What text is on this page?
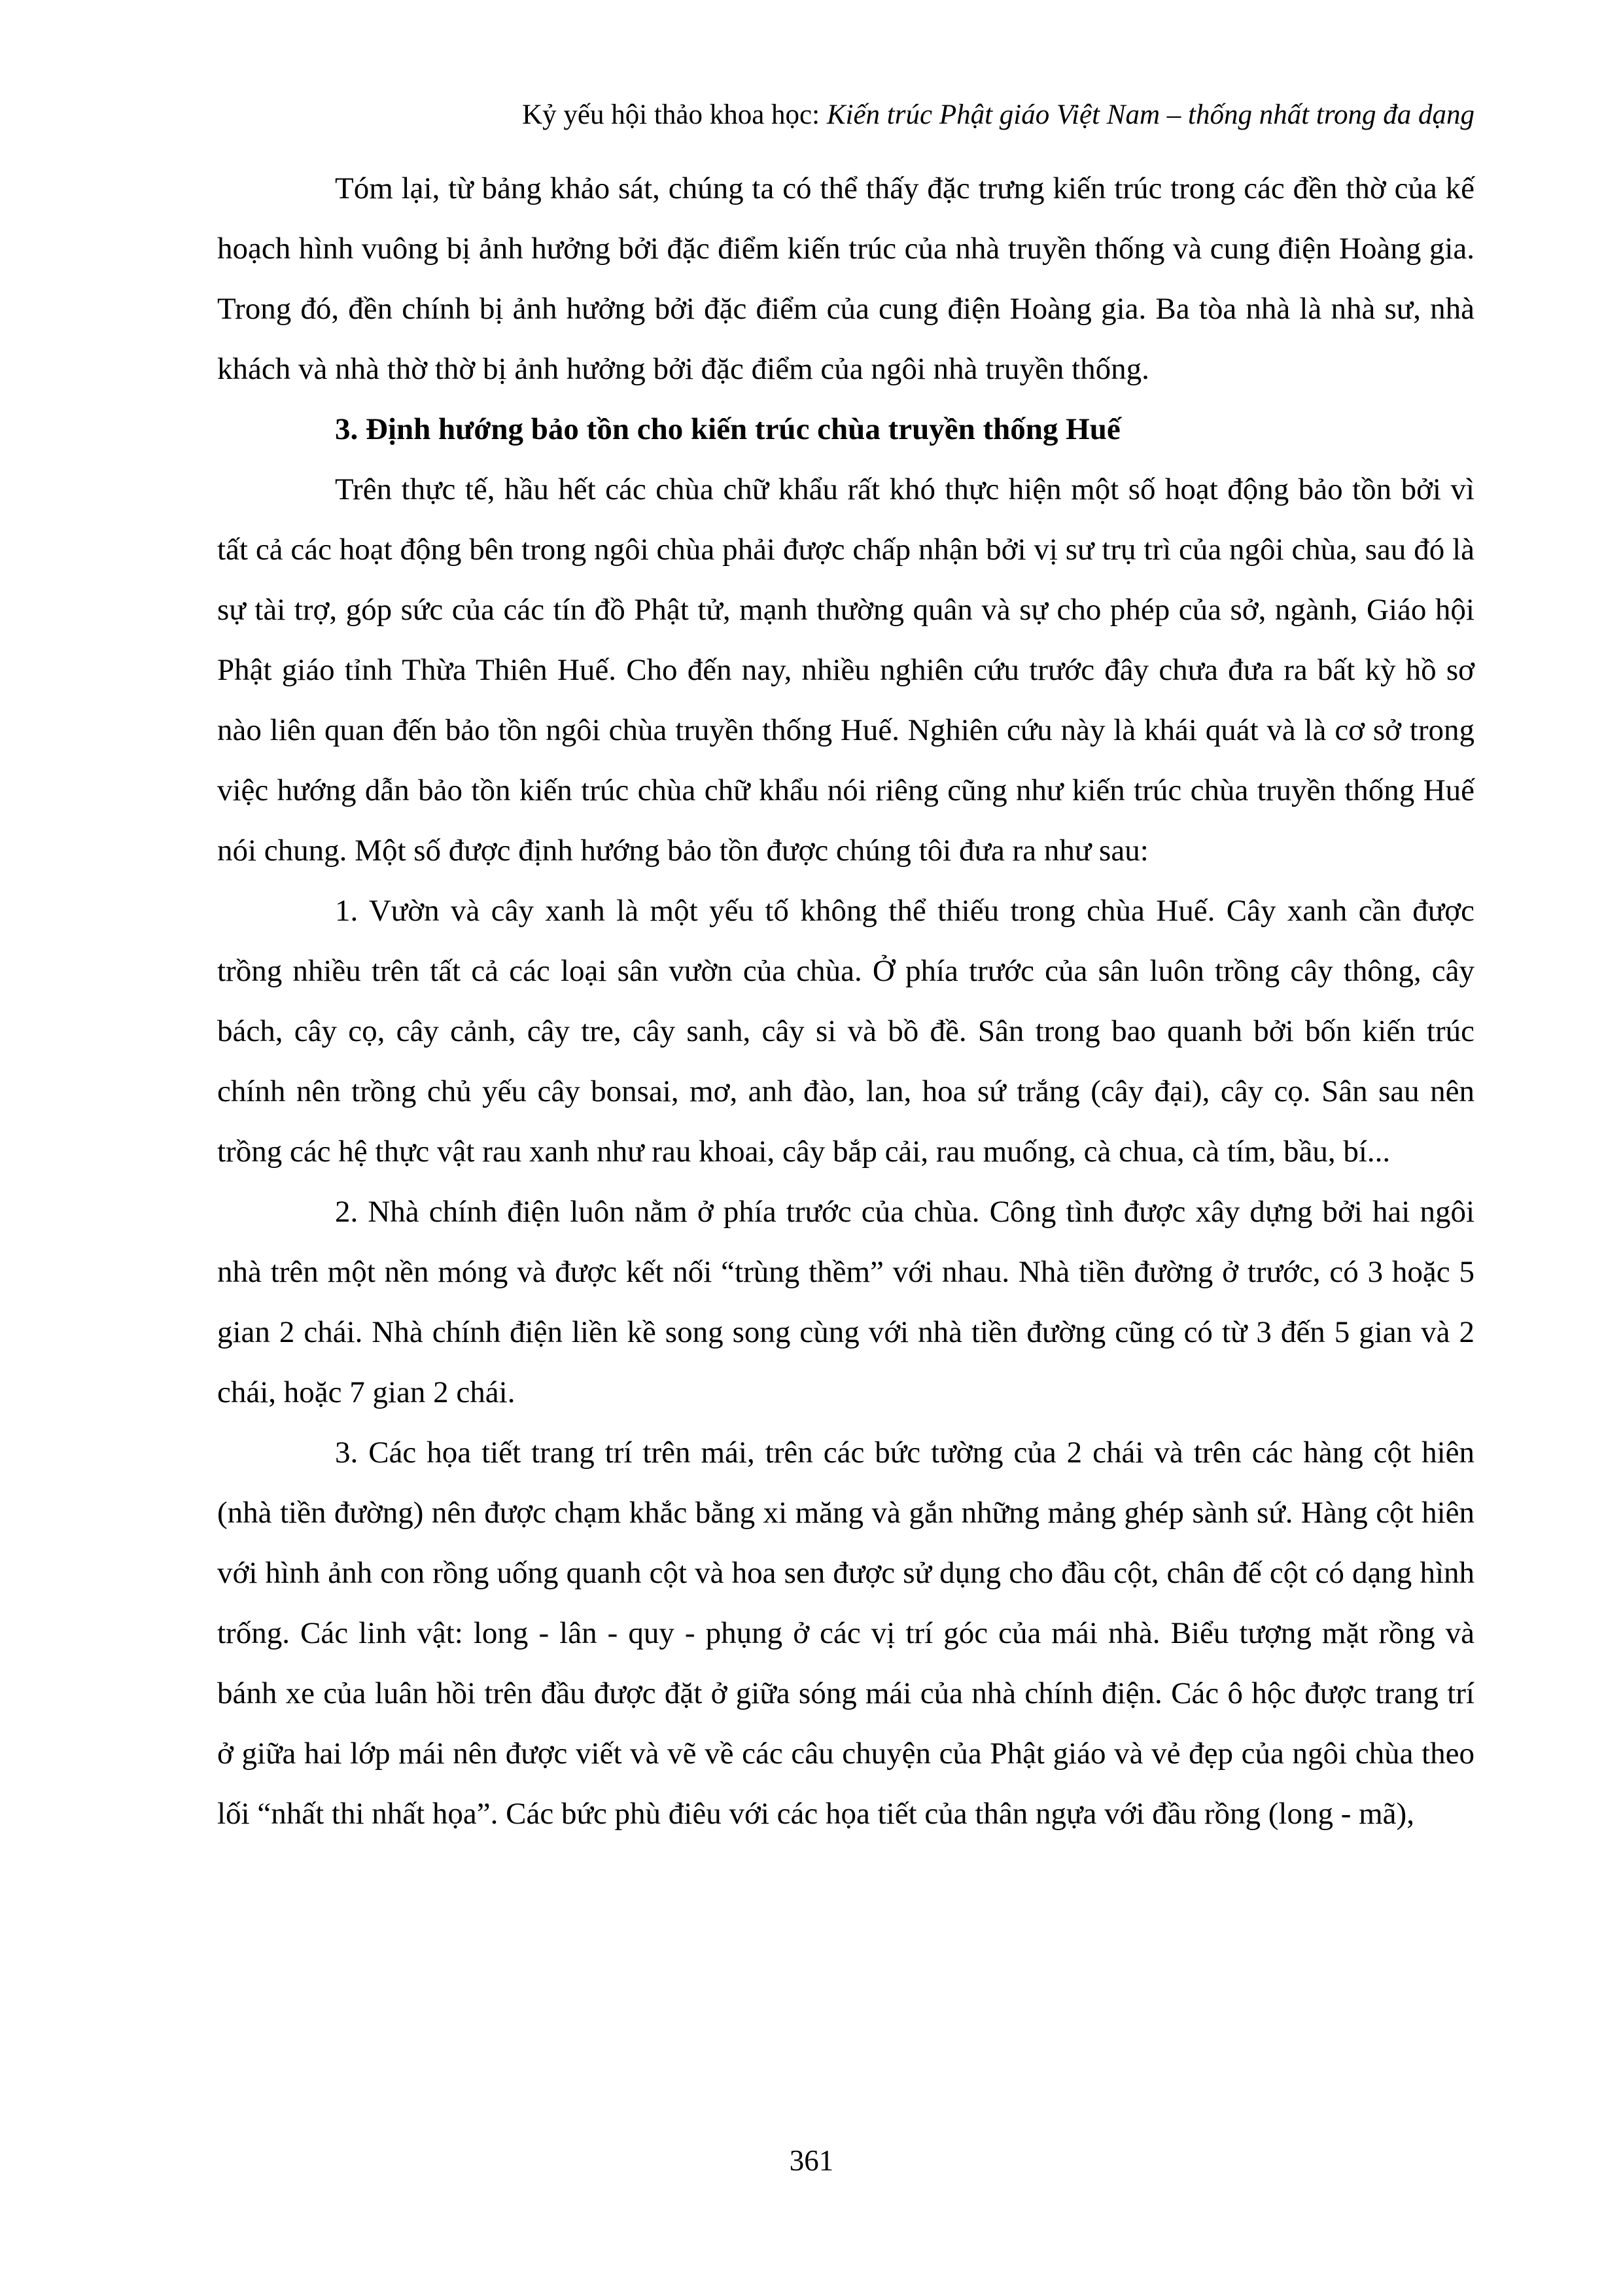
Kỷ yếu hội thảo khoa học: Kiến trúc Phật giáo Việt Nam – thống nhất trong đa dạng

Tóm lại, từ bảng khảo sát, chúng ta có thể thấy đặc trưng kiến trúc trong các đền thờ của kế hoạch hình vuông bị ảnh hưởng bởi đặc điểm kiến trúc của nhà truyền thống và cung điện Hoàng gia. Trong đó, đền chính bị ảnh hưởng bởi đặc điểm của cung điện Hoàng gia. Ba tòa nhà là nhà sư, nhà khách và nhà thờ thờ bị ảnh hưởng bởi đặc điểm của ngôi nhà truyền thống.

3. Định hướng bảo tồn cho kiến trúc chùa truyền thống Huế

Trên thực tế, hầu hết các chùa chữ khẩu rất khó thực hiện một số hoạt động bảo tồn bởi vì tất cả các hoạt động bên trong ngôi chùa phải được chấp nhận bởi vị sư trụ trì của ngôi chùa, sau đó là sự tài trợ, góp sức của các tín đồ Phật tử, mạnh thường quân và sự cho phép của sở, ngành, Giáo hội Phật giáo tỉnh Thừa Thiên Huế. Cho đến nay, nhiều nghiên cứu trước đây chưa đưa ra bất kỳ hồ sơ nào liên quan đến bảo tồn ngôi chùa truyền thống Huế. Nghiên cứu này là khái quát và là cơ sở trong việc hướng dẫn bảo tồn kiến trúc chùa chữ khẩu nói riêng cũng như kiến trúc chùa truyền thống Huế nói chung. Một số được định hướng bảo tồn được chúng tôi đưa ra như sau:

1. Vườn và cây xanh là một yếu tố không thể thiếu trong chùa Huế. Cây xanh cần được trồng nhiều trên tất cả các loại sân vườn của chùa. Ở phía trước của sân luôn trồng cây thông, cây bách, cây cọ, cây cảnh, cây tre, cây sanh, cây si và bồ đề. Sân trong bao quanh bởi bốn kiến trúc chính nên trồng chủ yếu cây bonsai, mơ, anh đào, lan, hoa sứ trắng (cây đại), cây cọ. Sân sau nên trồng các hệ thực vật rau xanh như rau khoai, cây bắp cải, rau muống, cà chua, cà tím, bầu, bí...

2. Nhà chính điện luôn nằm ở phía trước của chùa. Công tình được xây dựng bởi hai ngôi nhà trên một nền móng và được kết nối “trùng thềm” với nhau. Nhà tiền đường ở trước, có 3 hoặc 5 gian 2 chái. Nhà chính điện liền kề song song cùng với nhà tiền đường cũng có từ 3 đến 5 gian và 2 chái, hoặc 7 gian 2 chái.

3. Các họa tiết trang trí trên mái, trên các bức tường của 2 chái và trên các hàng cột hiên (nhà tiền đường) nên được chạm khắc bằng xi măng và gắn những mảng ghép sành sứ. Hàng cột hiên với hình ảnh con rồng uống quanh cột và hoa sen được sử dụng cho đầu cột, chân đế cột có dạng hình trống. Các linh vật: long - lân - quy - phụng ở các vị trí góc của mái nhà. Biểu tượng mặt rồng và bánh xe của luân hồi trên đầu được đặt ở giữa sóng mái của nhà chính điện. Các ô hộc được trang trí ở giữa hai lớp mái nên được viết và vẽ về các câu chuyện của Phật giáo và vẻ đẹp của ngôi chùa theo lối “nhất thi nhất họa”. Các bức phù điêu với các họa tiết của thân ngựa với đầu rồng (long - mã),

361
